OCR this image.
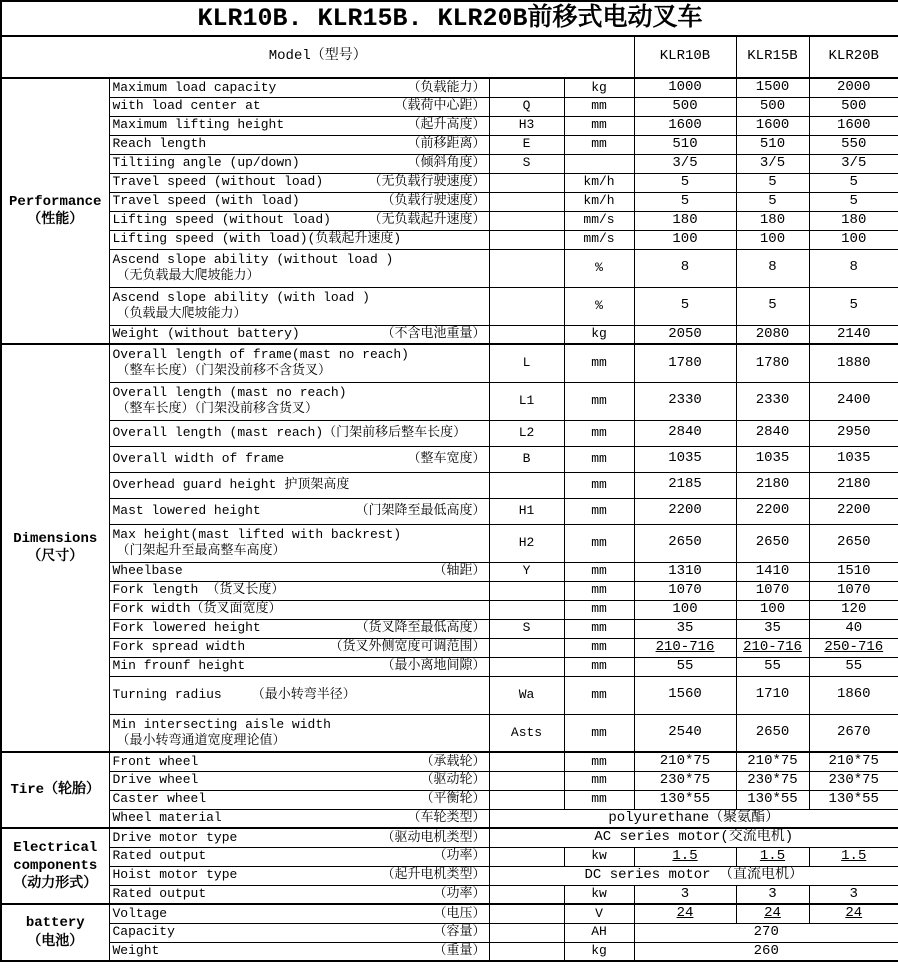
KLR10B. KLR15B. KLR20B前移式电动叉车						
Model（型号）				KLR10B	KLR15B	KLR20B

Performance
（性能）

Maximum load capacity	（负载能力）		kg	1000	1500	2000

	with load center at （载荷中心距）	Q	mm	500	500	500

	Maximum lifting height （起升高度）	H3	mm	1600	1600	1600

	Reach length （前移距离）	E	mm	510	510	550

	Tiltiing angle (up/down) （倾斜角度）	S		3/5	3/5	3/5

	Travel speed (without load) （无负载行驶速度）		km/h	5	5	5

	Travel speed (with load) （负载行驶速度）		km/h	5	5	5

	Lifting speed (without load) （无负载起升速度）		mm/s	180	180	180

	Lifting speed (with load) (负载起升速度)		mm/s	100	100	100

	Ascend slope ability (without load )
（无负载最大爬坡能力）		%	8	8	8

	Ascend slope ability (with load )
（负载最大爬坡能力）		%	5	5	5

	Weight (without battery) （不含电池重量）		kg	2050	2080	2140

Dimensions
（尺寸）

Overall length of frame(mast no reach)
（整车长度）（门架没前移不含货叉）
	L	mm	1780	1780	1880

	Overall length (mast no reach)
（整车长度）（门架没前移含货叉）	L1	mm	2330	2330	2400

	Overall length (mast reach) （门架前移后整车长度）	L2	mm	2840	2840	2950

	Overall width of frame （整车宽度）	B	mm	1035	1035	1035

	Overhead guard height 护顶架高度		mm	2185	2180	2180

	Mast lowered height （门架降至最低高度）	H1	mm	2200	2200	2200

	Max height(mast lifted with backrest)
（门架起升至最高整车高度）	H2	mm	2650	2650	2650

	Wheelbase （轴距）	Y	mm	1310	1410	1510

	Fork length （货叉长度）		mm	1070	1070	1070

	Fork width （货叉面宽度）		mm	100	100	120

	Fork lowered height （货叉降至最低高度）	S	mm	35	35	40

	Fork spread width （货叉外侧宽度可调范围）		mm	210-716	210-716	250-716

	Min frounf height （最小离地间隙）		mm	55	55	55

	Turning radius （最小转弯半径）	Wa	mm	1560	1710	1860

	Min intersecting aisle width
（最小转弯通道宽度理论值）	Asts	mm	2540	2650	2670

Tire（轮胎）	Front wheel （承载轮）		mm	210*75	210*75	210*75

	Drive wheel （驱动轮）		mm	230*75	230*75	230*75

	Caster wheel （平衡轮）		mm	130*55	130*55	130*55

	Wheel material （车轮类型）	polyurethane（聚氨酯）				

Electrical components
（动力形式）

Drive motor type	（驱动电机类型）	AC series motor(交流电机)

	Rated output （功率）		kw	1.5	1.5	1.5

	Hoist motor type （起升电机类型）	DC series motor （直流电机）				

	Rated output （功率）		kw	3	3	3

battery
（电池）

Voltage	（电压）		V	24	24	24

	Capacity （容量）		AH	270		

	Weight （重量）		kg	260		
